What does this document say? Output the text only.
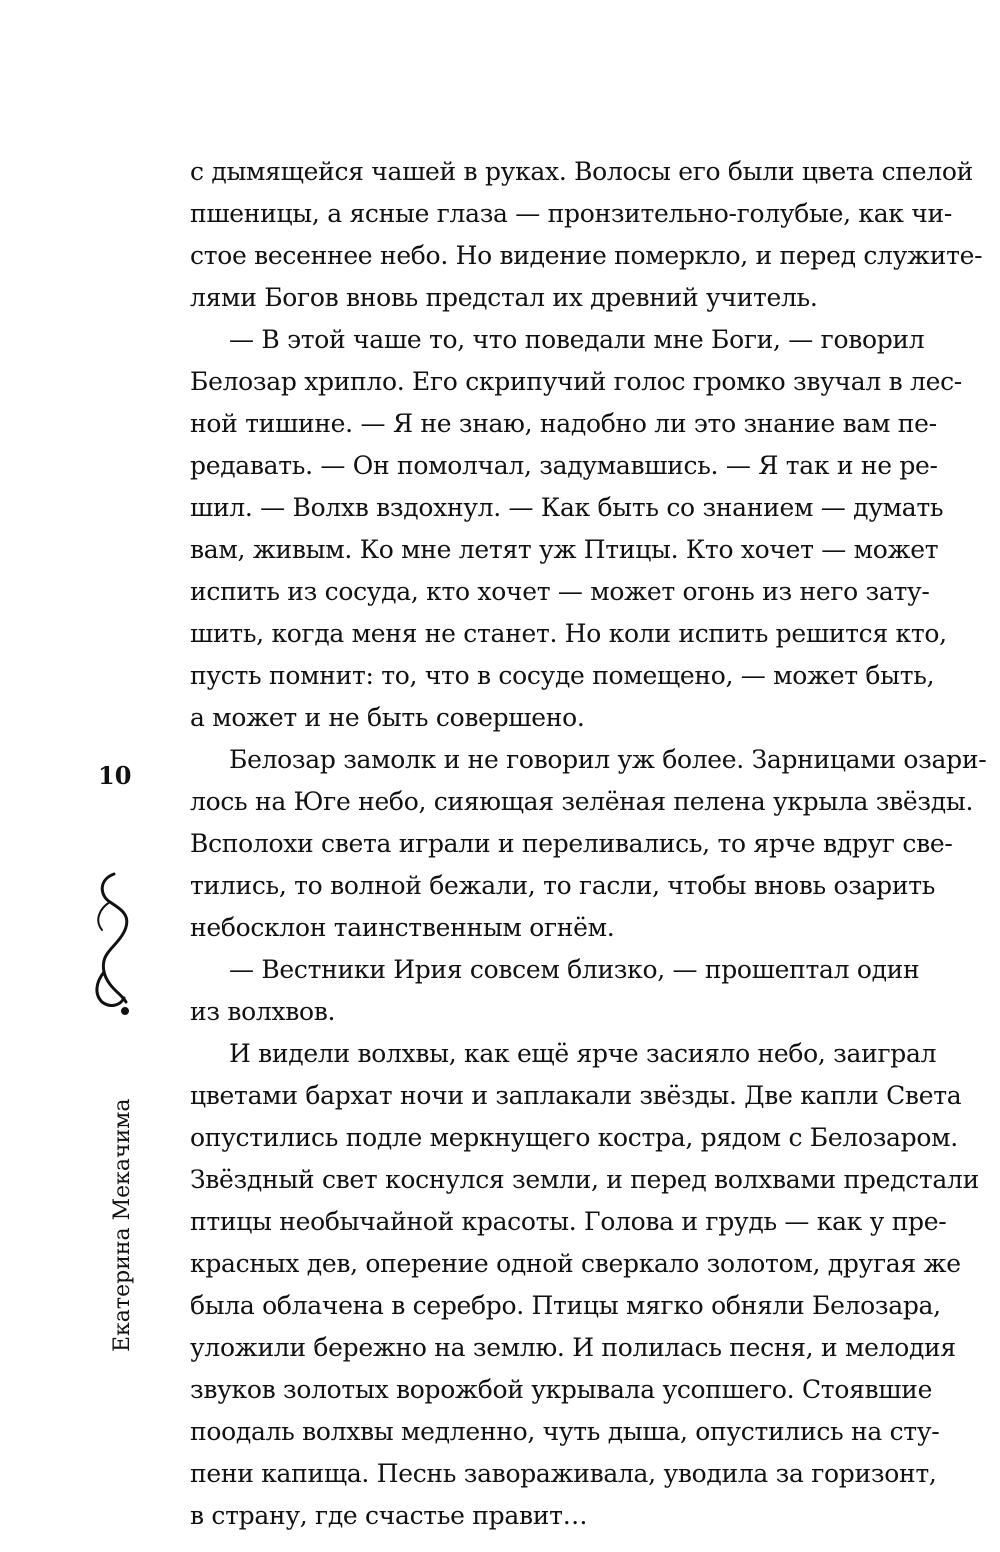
с дымящейся чашей в руках. Волосы его были цвета спелой
пшеницы, а ясные глаза — пронзительно-голубые, как чи-
стое весеннее небо. Но видение померкло, и перед служите-
лями Богов вновь предстал их древний учитель.
— В этой чаше то, что поведали мне Боги, — говорил
Белозар хрипло. Его скрипучий голос громко звучал в лес-
ной тишине. — Я не знаю, надобно ли это знание вам пе-
редавать. — Он помолчал, задумавшись. — Я так и не ре-
шил. — Волхв вздохнул. — Как быть со знанием — думать
вам, живым. Ко мне летят уж Птицы. Кто хочет — может
испить из сосуда, кто хочет — может огонь из него зату-
шить, когда меня не станет. Но коли испить решится кто,
пусть помнит: то, что в сосуде помещено, — может быть,
а может и не быть совершено.
Белозар замолк и не говорил уж более. Зарницами озари-
лось на Юге небо, сияющая зелёная пелена укрыла звёзды.
Всполохи света играли и переливались, то ярче вдруг све-
тились, то волной бежали, то гасли, чтобы вновь озарить
небосклон таинственным огнём.
— Вестники Ирия совсем близко, — прошептал один
из волхвов.
И видели волхвы, как ещё ярче засияло небо, заиграл
цветами бархат ночи и заплакали звёзды. Две капли Света
опустились подле меркнущего костра, рядом с Белозаром.
Звёздный свет коснулся земли, и перед волхвами предстали
птицы необычайной красоты. Голова и грудь — как у пре-
красных дев, оперение одной сверкало золотом, другая же
была облачена в серебро. Птицы мягко обняли Белозара,
уложили бережно на землю. И полилась песня, и мелодия
звуков золотых ворожбой укрывала усопшего. Стоявшие
поодаль волхвы медленно, чуть дыша, опустились на сту-
пени капища. Песнь завораживала, уводила за горизонт,
в страну, где счастье правит…
10
Екатерина Мекачима
